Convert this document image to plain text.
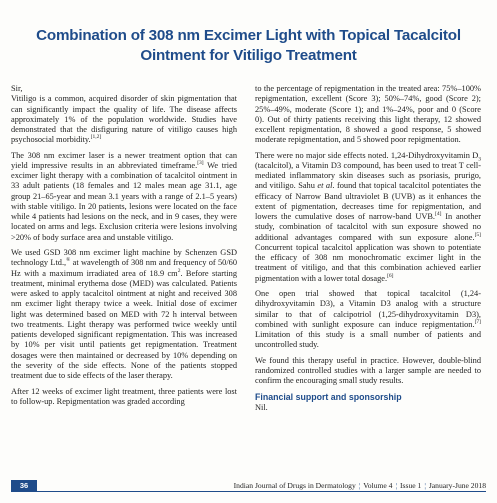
Combination of 308 nm Excimer Light with Topical Tacalcitol
Ointment for Vitiligo Treatment

Sir,

Vitiligo is a common, acquired disorder of skin pigmentation that can significantly impact the quality of life. The disease affects approximately 1% of the population worldwide. Studies have demonstrated that the disfiguring nature of vitiligo causes high psychosocial morbidity.[1,2]

The 308 nm excimer laser is a newer treatment option that can yield impressive results in an abbreviated timeframe.[3] We tried excimer light therapy with a combination of tacalcitol ointment in 33 adult patients (18 females and 12 males mean age 31.1, age group 21–65-year and mean 3.1 years with a range of 2.1–5 years) with stable vitiligo. In 20 patients, lesions were located on the face while 4 patients had lesions on the neck, and in 9 cases, they were located on arms and legs. Exclusion criteria were lesions involving >20% of body surface area and unstable vitiligo.

We used GSD 308 nm excimer light machine by Schenzen GSD technology Ltd.,® at wavelength of 308 nm and frequency of 50/60 Hz with a maximum irradiated area of 18.9 $cm^2$. Before starting treatment, minimal erythema dose (MED) was calculated. Patients were asked to apply tacalcitol ointment at night and received 308 nm excimer light therapy twice a week. Initial dose of excimer light was determined based on MED with 72 h interval between two treatments. Light therapy was performed twice weekly until patients developed significant repigmentation. This was increased by 10% per visit until patients get repigmentation. Treatment dosages were then maintained or decreased by 10% depending on the severity of the side effects. None of the patients stopped treatment due to side effects of the laser therapy.

After 12 weeks of excimer light treatment, three patients were lost to follow-up. Repigmentation was graded according

to the percentage of repigmentation in the treated area: 75%–100% repigmentation, excellent (Score 3); 50%–74%, good (Score 2); 25%–49%, moderate (Score 1); and 1%–24%, poor and 0 (Score 0). Out of thirty patients receiving this light therapy, 12 showed excellent repigmentation, 8 showed a good response, 5 showed moderate repigmentation, and 5 showed poor repigmentation.

There were no major side effects noted. 1,24-Dihydroxyvitamin $D_3$ (tacalcitol), a Vitamin D3 compound, has been used to treat T cell-mediated inflammatory skin diseases such as psoriasis, prurigo, and vitiligo. Sahu et al. found that topical tacalcitol potentiates the efficacy of Narrow Band ultraviolet B (UVB) as it enhances the extent of pigmentation, decreases time for repigmentation, and lowers the cumulative doses of narrow-band UVB.[4] In another study, combination of tacalcitol with sun exposure showed no additional advantages compared with sun exposure alone.[5] Concurrent topical tacalcitol application was shown to potentiate the efficacy of 308 nm monochromatic excimer light in the treatment of vitiligo, and that this combination achieved earlier pigmentation with a lower total dosage.[6]

One open trial showed that topical tacalcitol (1,24-dihydroxyvitamin D3), a Vitamin D3 analog with a structure similar to that of calcipotriol (1,25-dihydroxyvitamin D3), combined with sunlight exposure can induce repigmentation.[7] Limitation of this study is a small number of patients and uncontrolled study.

We found this therapy useful in practice. However, double-blind randomized controlled studies with a larger sample are needed to confirm the encouraging small study results.

Financial support and sponsorship

Nil.

36	Indian Journal of Drugs in Dermatology ¦ Volume 4 ¦ Issue 1 ¦ January-June 2018
